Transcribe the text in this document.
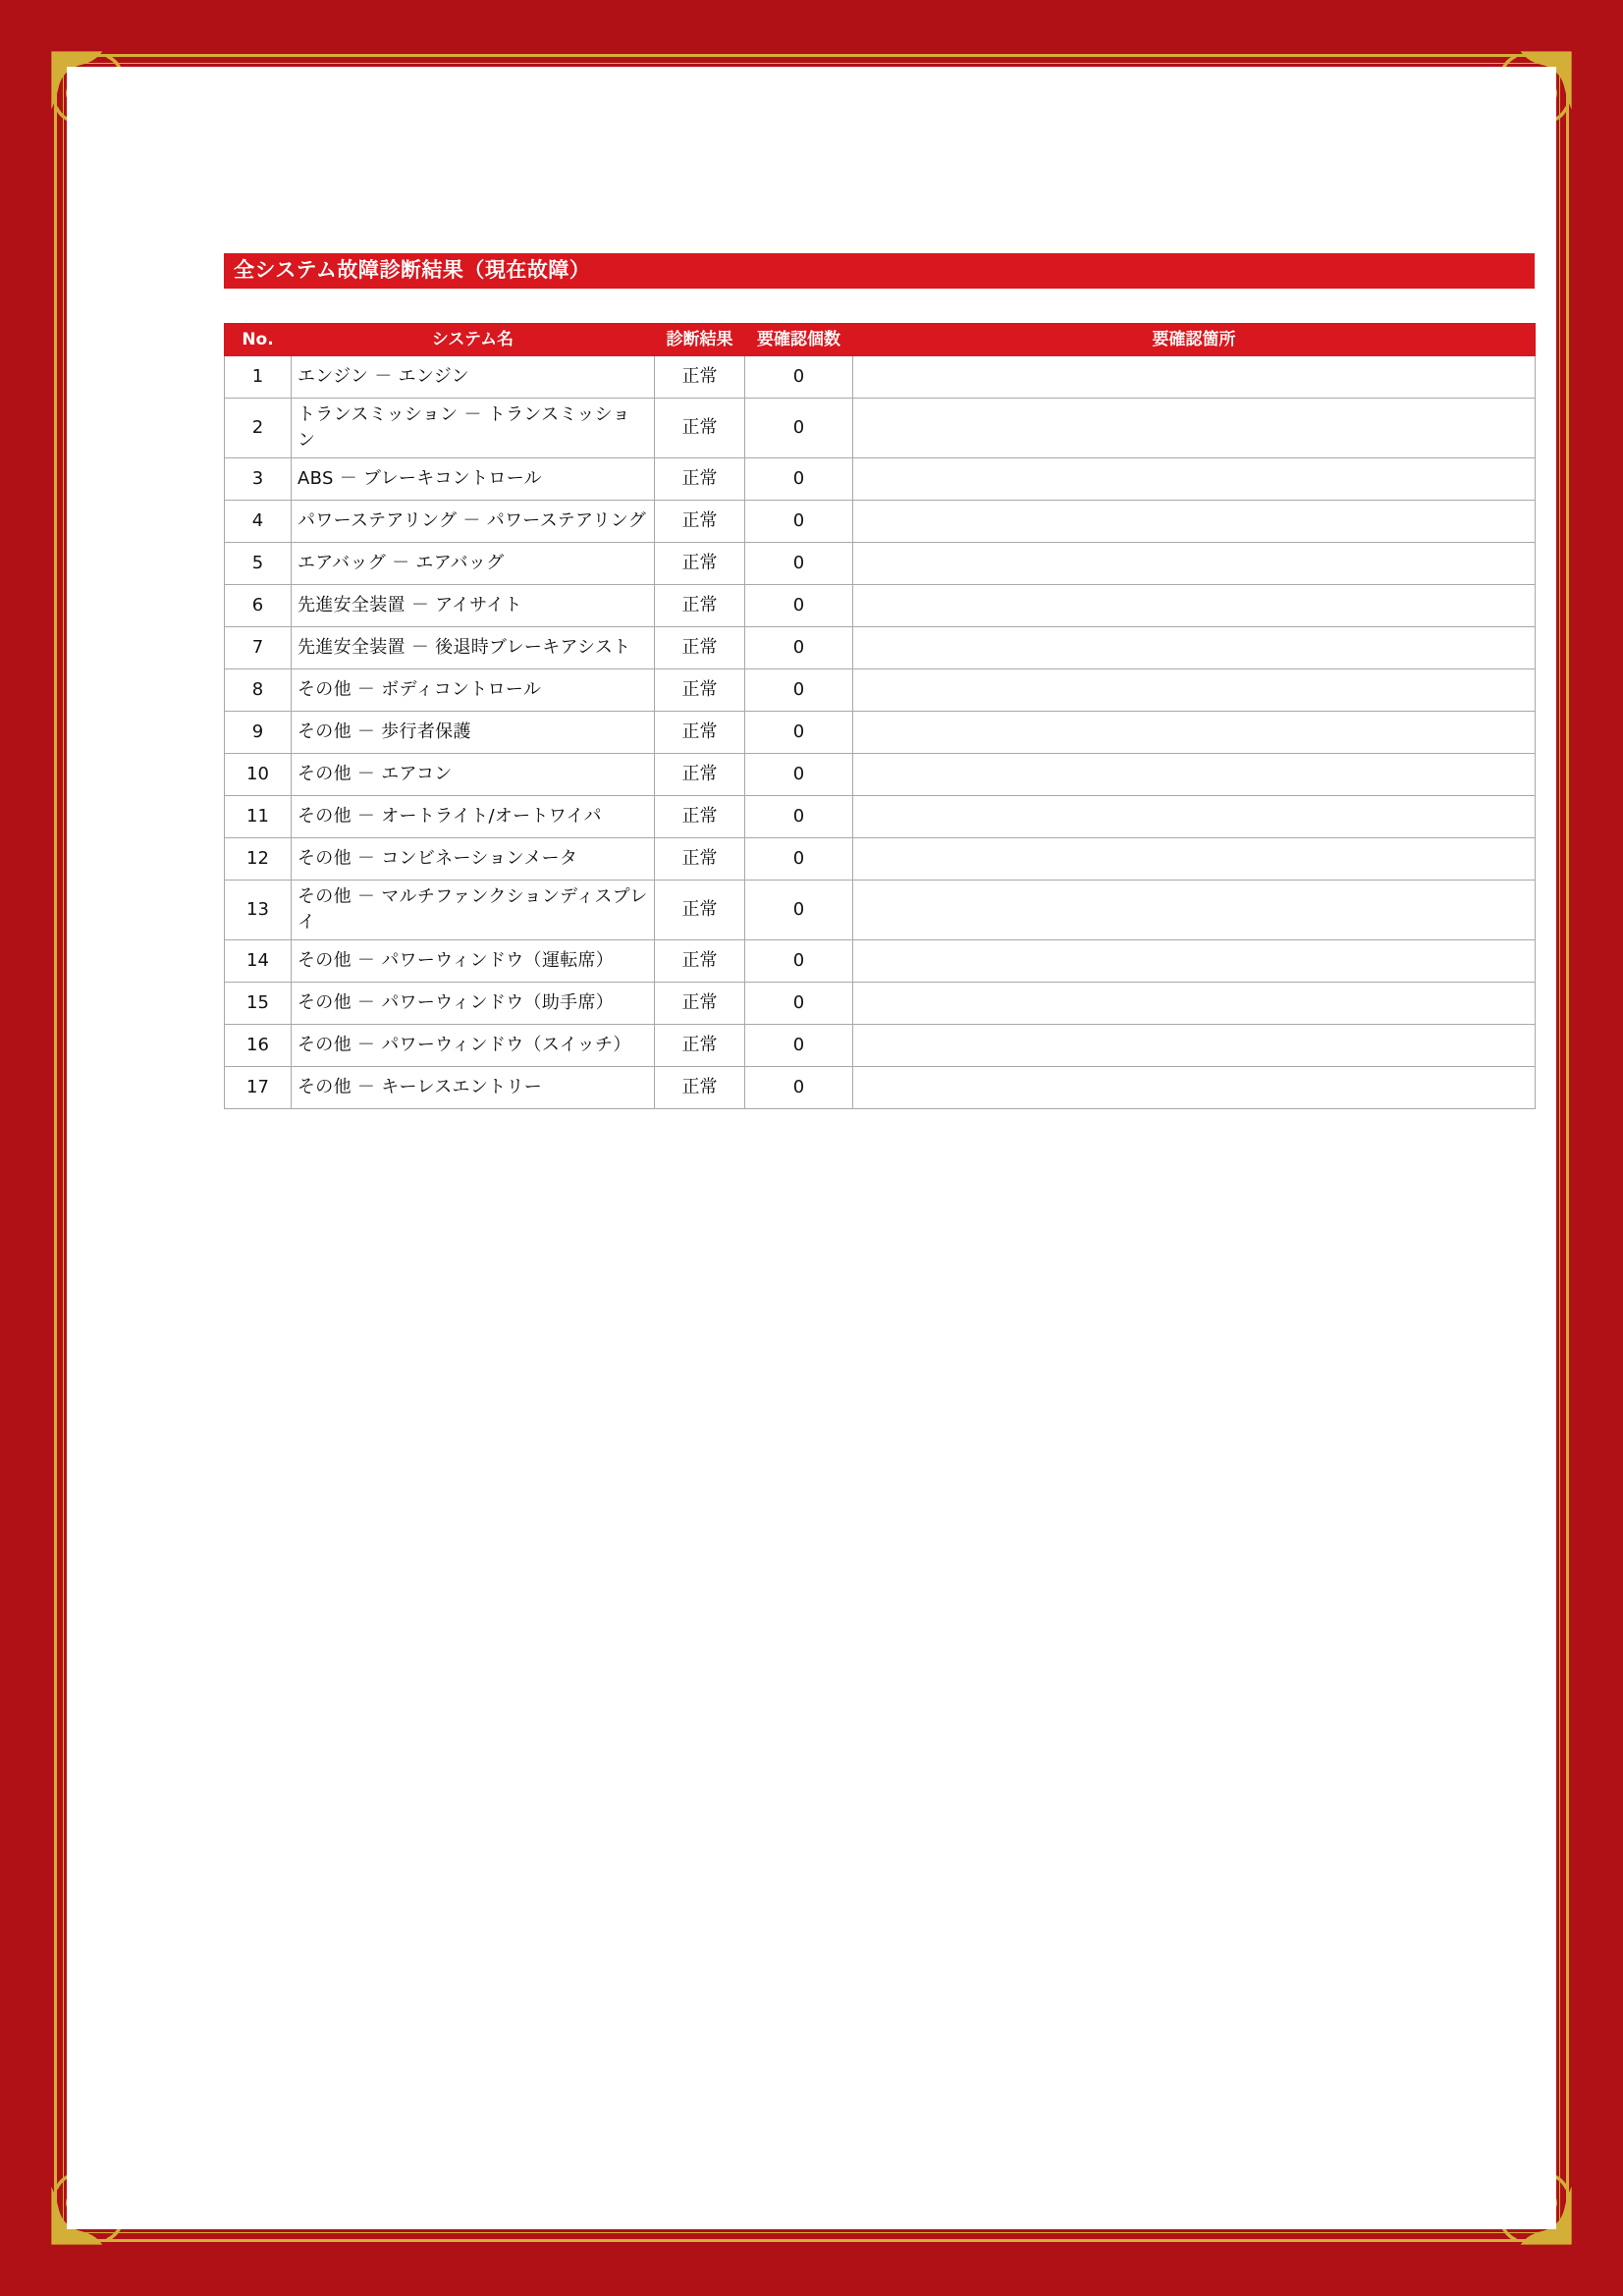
全システム故障診断結果（現在故障）
No.	システム名	診断結果	要確認個数	要確認箇所
1	エンジン － エンジン	正常	0	
2	トランスミッション － トランスミッション	正常	0	
3	ABS － ブレーキコントロール	正常	0	
4	パワーステアリング － パワーステアリング	正常	0	
5	エアバッグ － エアバッグ	正常	0	
6	先進安全装置 － アイサイト	正常	0	
7	先進安全装置 － 後退時ブレーキアシスト	正常	0	
8	その他 － ボディコントロール	正常	0	
9	その他 － 歩行者保護	正常	0	
10	その他 － エアコン	正常	0	
11	その他 － オートライト/オートワイパ	正常	0	
12	その他 － コンビネーションメータ	正常	0	
13	その他 － マルチファンクションディスプレイ	正常	0	
14	その他 － パワーウィンドウ（運転席）	正常	0	
15	その他 － パワーウィンドウ（助手席）	正常	0	
16	その他 － パワーウィンドウ（スイッチ）	正常	0	
17	その他 － キーレスエントリー	正常	0	
